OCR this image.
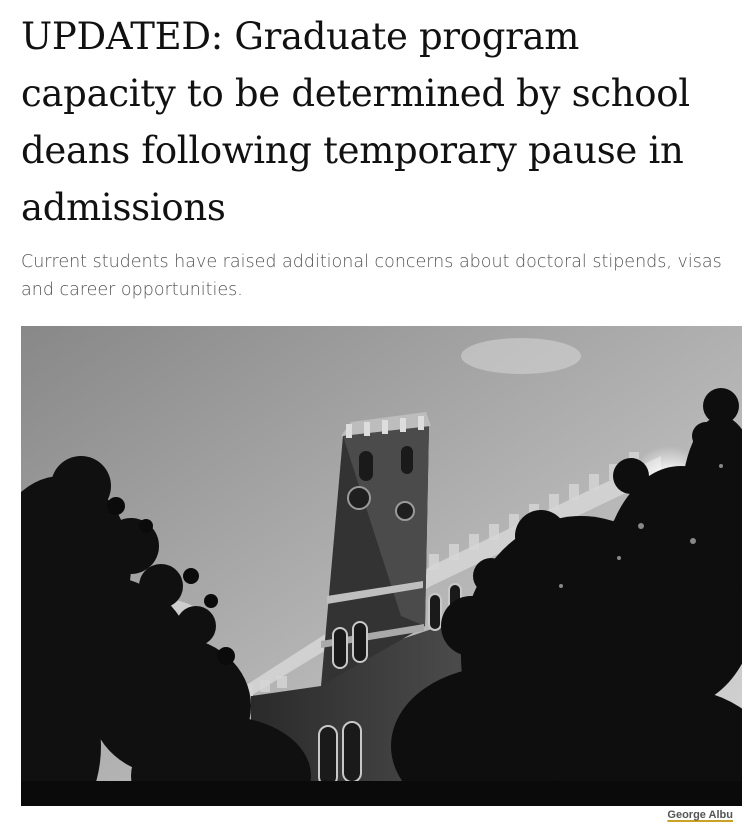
UPDATED: Graduate program capacity to be determined by school deans following temporary pause in admissions

Current students have raised additional concerns about doctoral stipends, visas and career opportunities.

George Albu
